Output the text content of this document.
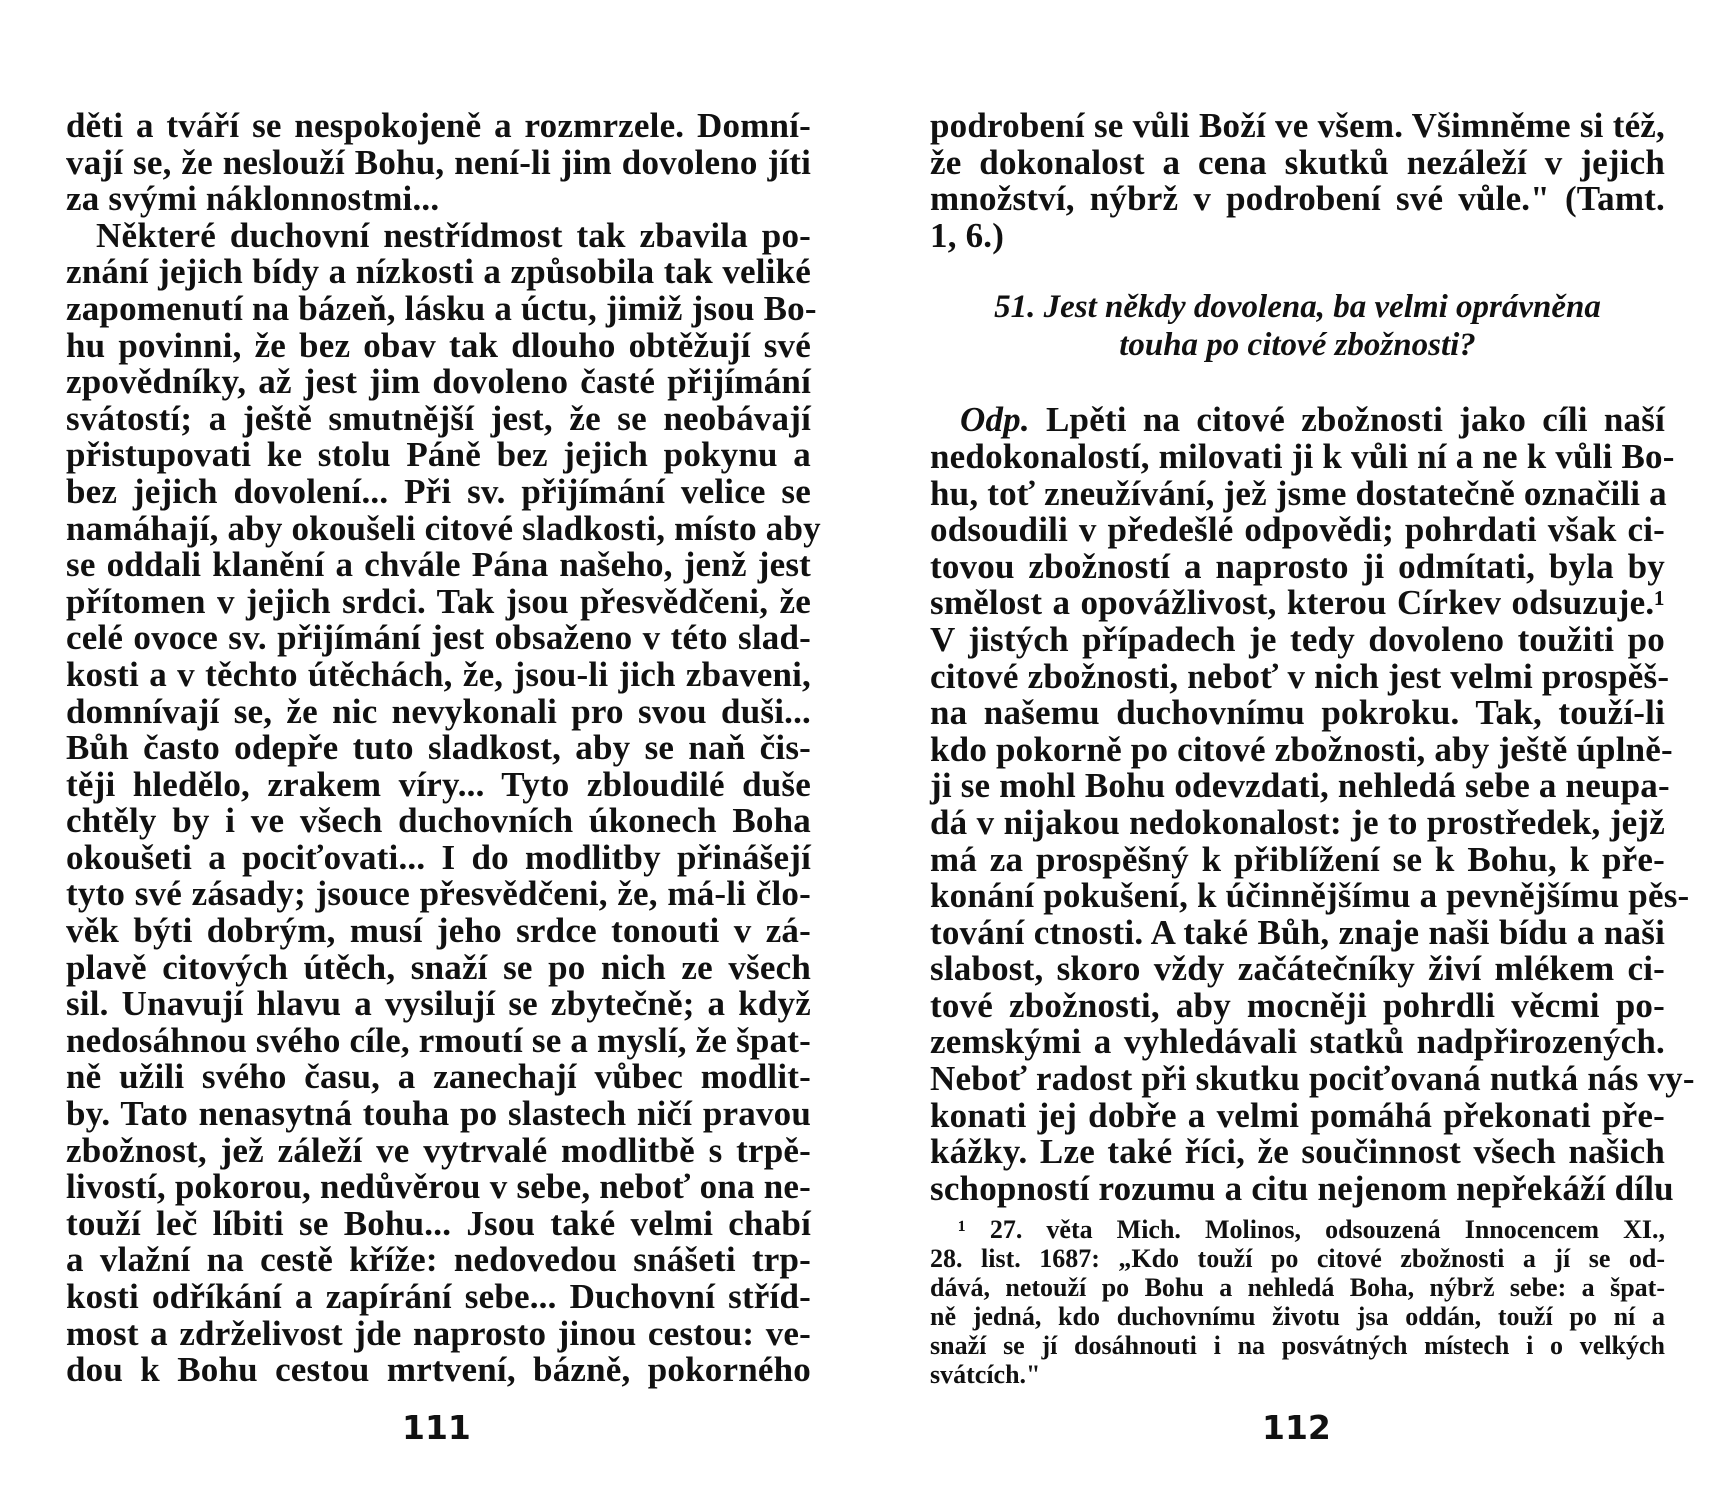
děti a tváří se nespokojeně a rozmrzele. Domní-
vají se, že neslouží Bohu, není-li jim dovoleno jíti
za svými náklonnostmi...
Některé duchovní nestřídmost tak zbavila po-
znání jejich bídy a nízkosti a způsobila tak veliké
zapomenutí na bázeň, lásku a úctu, jimiž jsou Bo-
hu povinni, že bez obav tak dlouho obtěžují své
zpovědníky, až jest jim dovoleno časté přijímání
svátostí; a ještě smutnější jest, že se neobávají
přistupovati ke stolu Páně bez jejich pokynu a
bez jejich dovolení... Při sv. přijímání velice se
namáhají, aby okoušeli citové sladkosti, místo aby
se oddali klanění a chvále Pána našeho, jenž jest
přítomen v jejich srdci. Tak jsou přesvědčeni, že
celé ovoce sv. přijímání jest obsaženo v této slad-
kosti a v těchto útěchách, že, jsou-li jich zbaveni,
domnívají se, že nic nevykonali pro svou duši...
Bůh často odepře tuto sladkost, aby se naň čis-
těji hledělo, zrakem víry... Tyto zbloudilé duše
chtěly by i ve všech duchovních úkonech Boha
okoušeti a pociťovati... I do modlitby přinášejí
tyto své zásady; jsouce přesvědčeni, že, má-li člo-
věk býti dobrým, musí jeho srdce tonouti v zá-
plavě citových útěch, snaží se po nich ze všech
sil. Unavují hlavu a vysilují se zbytečně; a když
nedosáhnou svého cíle, rmoutí se a myslí, že špat-
ně užili svého času, a zanechají vůbec modlit-
by. Tato nenasytná touha po slastech ničí pravou
zbožnost, jež záleží ve vytrvalé modlitbě s trpě-
livostí, pokorou, nedůvěrou v sebe, neboť ona ne-
touží leč líbiti se Bohu... Jsou také velmi chabí
a vlažní na cestě kříže: nedovedou snášeti trp-
kosti odříkání a zapírání sebe... Duchovní stříd-
most a zdrželivost jde naprosto jinou cestou: ve-
dou k Bohu cestou mrtvení, bázně, pokorného
111
podrobení se vůli Boží ve všem. Všimněme si též,
že dokonalost a cena skutků nezáleží v jejich
množství, nýbrž v podrobení své vůle." (Tamt.
1, 6.)
51. Jest někdy dovolena, ba velmi oprávněna
touha po citové zbožnosti?
Odp. Lpěti na citové zbožnosti jako cíli naší
nedokonalostí, milovati ji k vůli ní a ne k vůli Bo-
hu, toť zneužívání, jež jsme dostatečně označili a
odsoudili v předešlé odpovědi; pohrdati však ci-
tovou zbožností a naprosto ji odmítati, byla by
smělost a opovážlivost, kterou Církev odsuzuje.¹
V jistých případech je tedy dovoleno toužiti po
citové zbožnosti, neboť v nich jest velmi prospěš-
na našemu duchovnímu pokroku. Tak, touží-li
kdo pokorně po citové zbožnosti, aby ještě úplně-
ji se mohl Bohu odevzdati, nehledá sebe a neupa-
dá v nijakou nedokonalost: je to prostředek, jejž
má za prospěšný k přiblížení se k Bohu, k pře-
konání pokušení, k účinnějšímu a pevnějšímu pěs-
tování ctnosti. A také Bůh, znaje naši bídu a naši
slabost, skoro vždy začátečníky živí mlékem ci-
tové zbožnosti, aby mocněji pohrdli věcmi po-
zemskými a vyhledávali statků nadpřirozených.
Neboť radost při skutku pociťovaná nutká nás vy-
konati jej dobře a velmi pomáhá překonati pře-
kážky. Lze také říci, že součinnost všech našich
schopností rozumu a citu nejenom nepřekáží dílu
¹ 27. věta Mich. Molinos, odsouzená Innocencem XI.,
28. list. 1687: „Kdo touží po citové zbožnosti a jí se od-
dává, netouží po Bohu a nehledá Boha, nýbrž sebe: a špat-
ně jedná, kdo duchovnímu životu jsa oddán, touží po ní a
snaží se jí dosáhnouti i na posvátných místech i o velkých
svátcích."
112
